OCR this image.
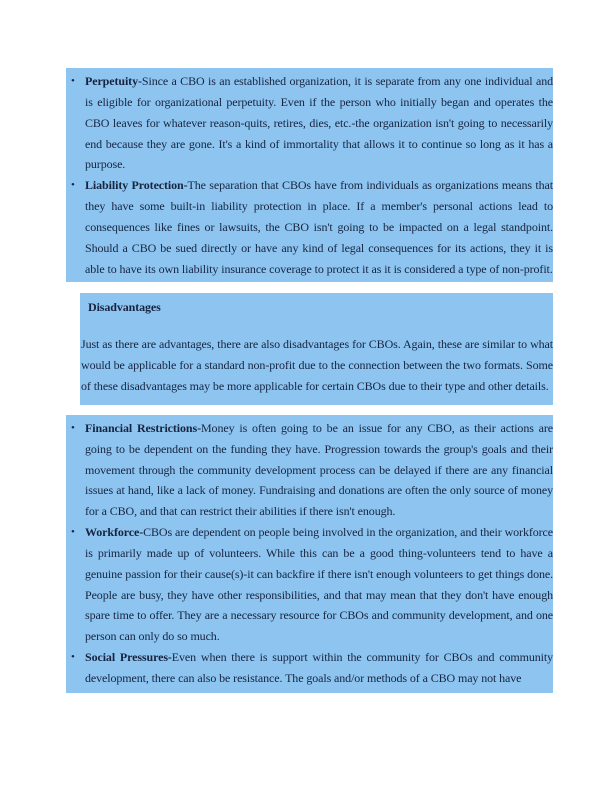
• Perpetuity-Since a CBO is an established organization, it is separate from any one individual and is eligible for organizational perpetuity. Even if the person who initially began and operates the CBO leaves for whatever reason-quits, retires, dies, etc.-the organization isn't going to necessarily end because they are gone. It's a kind of immortality that allows it to continue so long as it has a purpose.
• Liability Protection-The separation that CBOs have from individuals as organizations means that they have some built-in liability protection in place. If a member's personal actions lead to consequences like fines or lawsuits, the CBO isn't going to be impacted on a legal standpoint. Should a CBO be sued directly or have any kind of legal consequences for its actions, they it is able to have its own liability insurance coverage to protect it as it is considered a type of non-profit.
Disadvantages
Just as there are advantages, there are also disadvantages for CBOs. Again, these are similar to what would be applicable for a standard non-profit due to the connection between the two formats. Some of these disadvantages may be more applicable for certain CBOs due to their type and other details.
• Financial Restrictions-Money is often going to be an issue for any CBO, as their actions are going to be dependent on the funding they have. Progression towards the group's goals and their movement through the community development process can be delayed if there are any financial issues at hand, like a lack of money. Fundraising and donations are often the only source of money for a CBO, and that can restrict their abilities if there isn't enough.
• Workforce-CBOs are dependent on people being involved in the organization, and their workforce is primarily made up of volunteers. While this can be a good thing-volunteers tend to have a genuine passion for their cause(s)-it can backfire if there isn't enough volunteers to get things done. People are busy, they have other responsibilities, and that may mean that they don't have enough spare time to offer. They are a necessary resource for CBOs and community development, and one person can only do so much.
• Social Pressures-Even when there is support within the community for CBOs and community development, there can also be resistance. The goals and/or methods of a CBO may not have
